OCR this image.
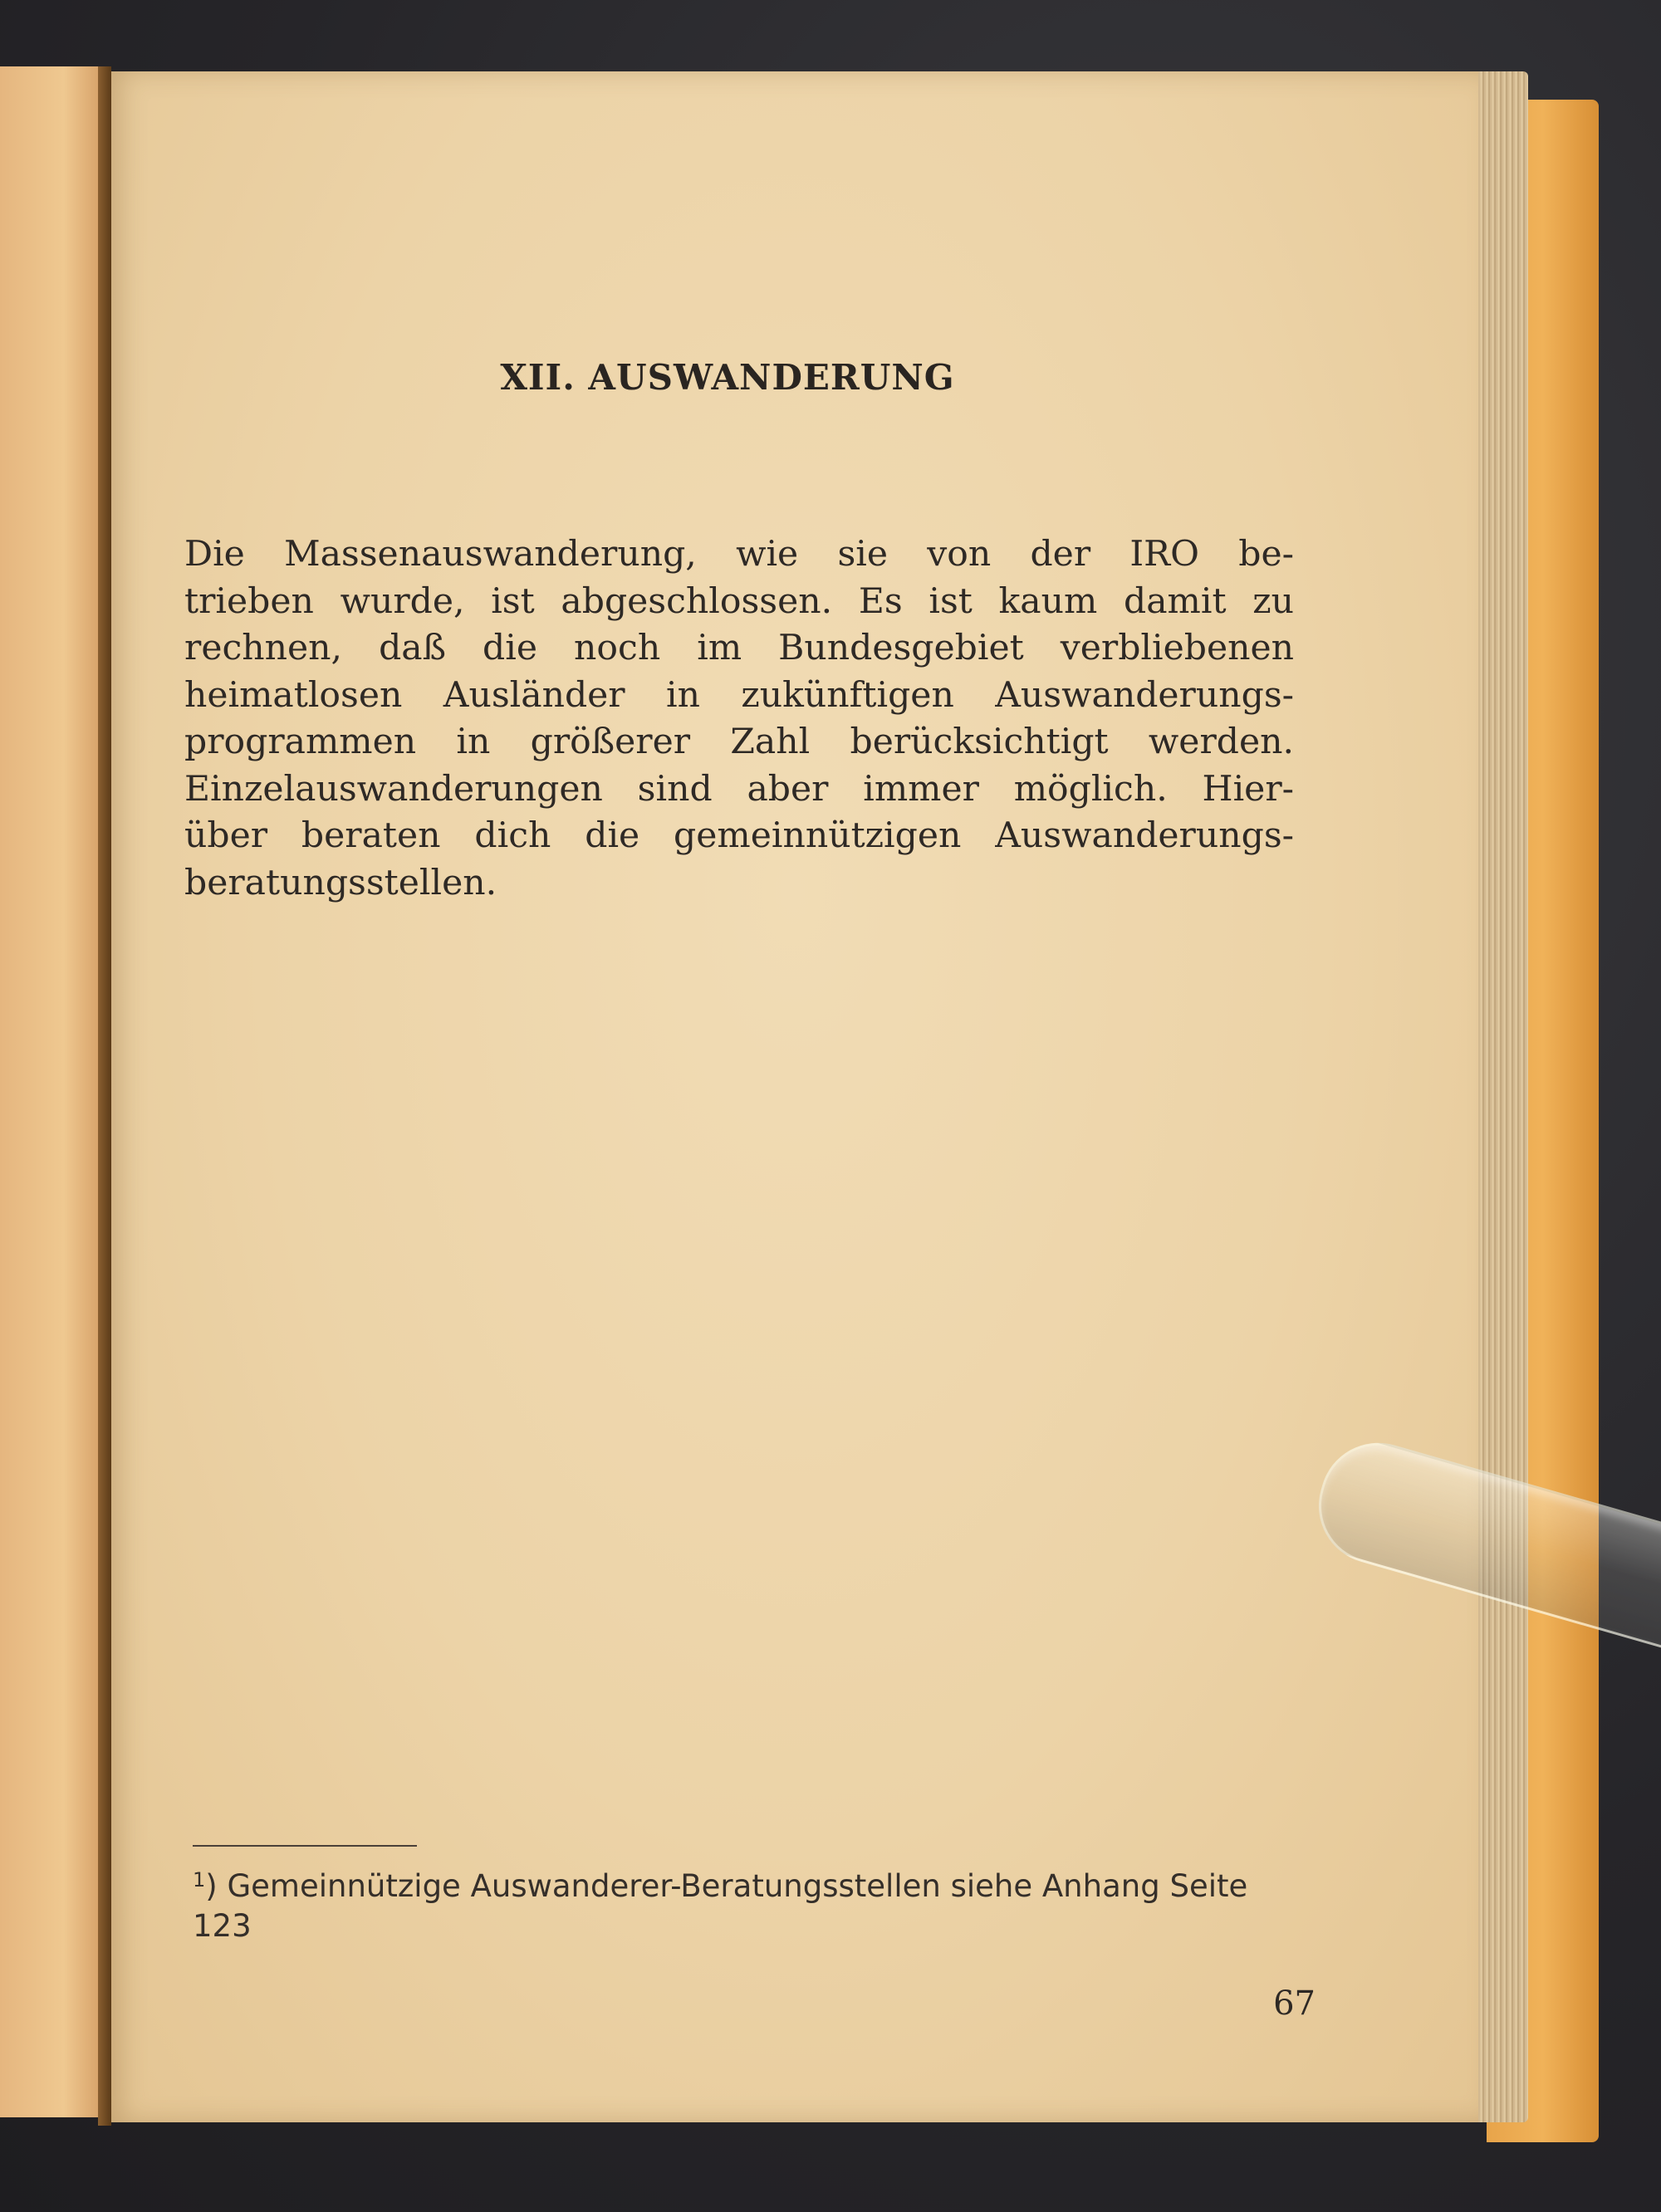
XII. AUSWANDERUNG
Die Massenauswanderung, wie sie von der IRO be-
trieben wurde, ist abgeschlossen. Es ist kaum damit zu
rechnen, daß die noch im Bundesgebiet verbliebenen
heimatlosen Ausländer in zukünftigen Auswanderungs-
programmen in größerer Zahl berücksichtigt werden.
Einzelauswanderungen sind aber immer möglich. Hier-
über beraten dich die gemeinnützigen Auswanderungs-
beratungsstellen.

$^1$) Gemeinnützige Auswanderer-Beratungsstellen siehe Anhang Seite 123

67
